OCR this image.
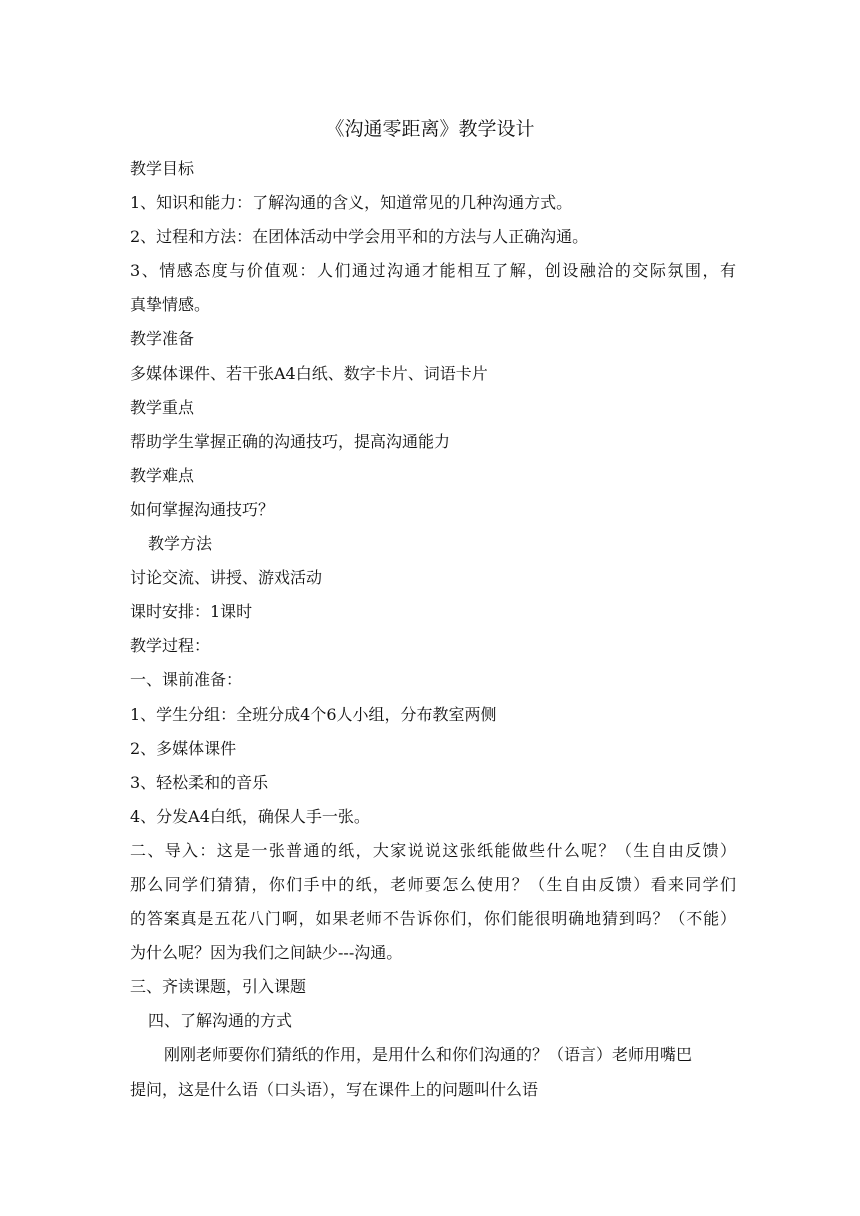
《沟通零距离》教学设计
教学目标
1、知识和能力：了解沟通的含义，知道常见的几种沟通方式。
2、过程和方法：在团体活动中学会用平和的方法与人正确沟通。
3、情感态度与价值观：人们通过沟通才能相互了解，创设融洽的交际氛围，有
真挚情感。
教学准备
多媒体课件、若干张A4白纸、数字卡片、词语卡片
教学重点
帮助学生掌握正确的沟通技巧，提高沟通能力
教学难点
如何掌握沟通技巧？
教学方法
讨论交流、讲授、游戏活动
课时安排：1课时
教学过程：
一、课前准备：
1、学生分组：全班分成4个6人小组，分布教室两侧
2、多媒体课件
3、轻松柔和的音乐
4、分发A4白纸，确保人手一张。
二、导入：这是一张普通的纸，大家说说这张纸能做些什么呢？（生自由反馈）
那么同学们猜猜，你们手中的纸，老师要怎么使用？（生自由反馈）看来同学们
的答案真是五花八门啊，如果老师不告诉你们，你们能很明确地猜到吗？（不能）
为什么呢？因为我们之间缺少---沟通。
三、齐读课题，引入课题
四、了解沟通的方式
刚刚老师要你们猜纸的作用，是用什么和你们沟通的？（语言）老师用嘴巴
提问，这是什么语（口头语），写在课件上的问题叫什么语
